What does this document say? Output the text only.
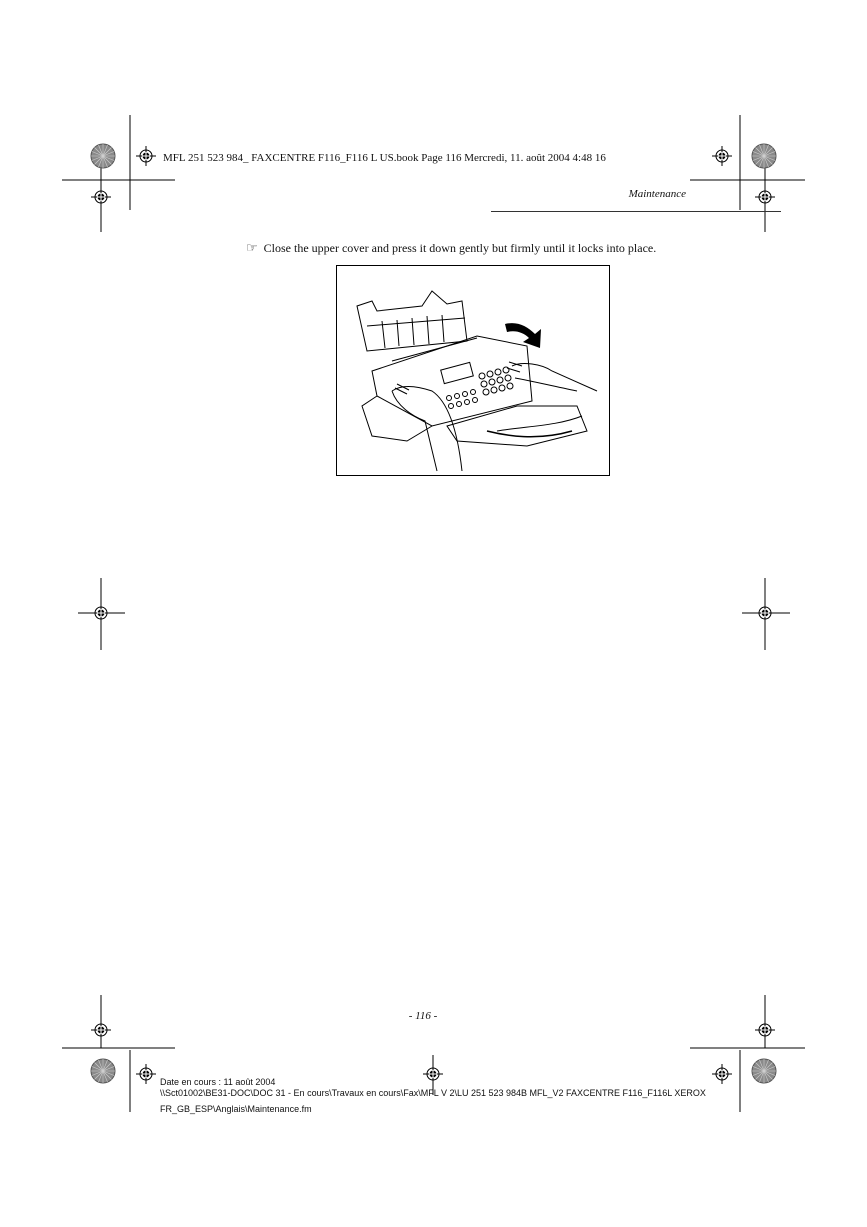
MFL 251 523 984_ FAXCENTRE F116_F116 L US.book Page 116 Mercredi, 11. août 2004 4:48 16
Maintenance
☞ Close the upper cover and press it down gently but firmly until it locks into place.
- 116 -
Date en cours : 11 août 2004
\\Sct01002\BE31-DOC\DOC 31 - En cours\Travaux en cours\Fax\MFL V 2\LU 251 523 984B MFL_V2 FAXCENTRE F116_F116L XEROX
FR_GB_ESP\Anglais\Maintenance.fm
